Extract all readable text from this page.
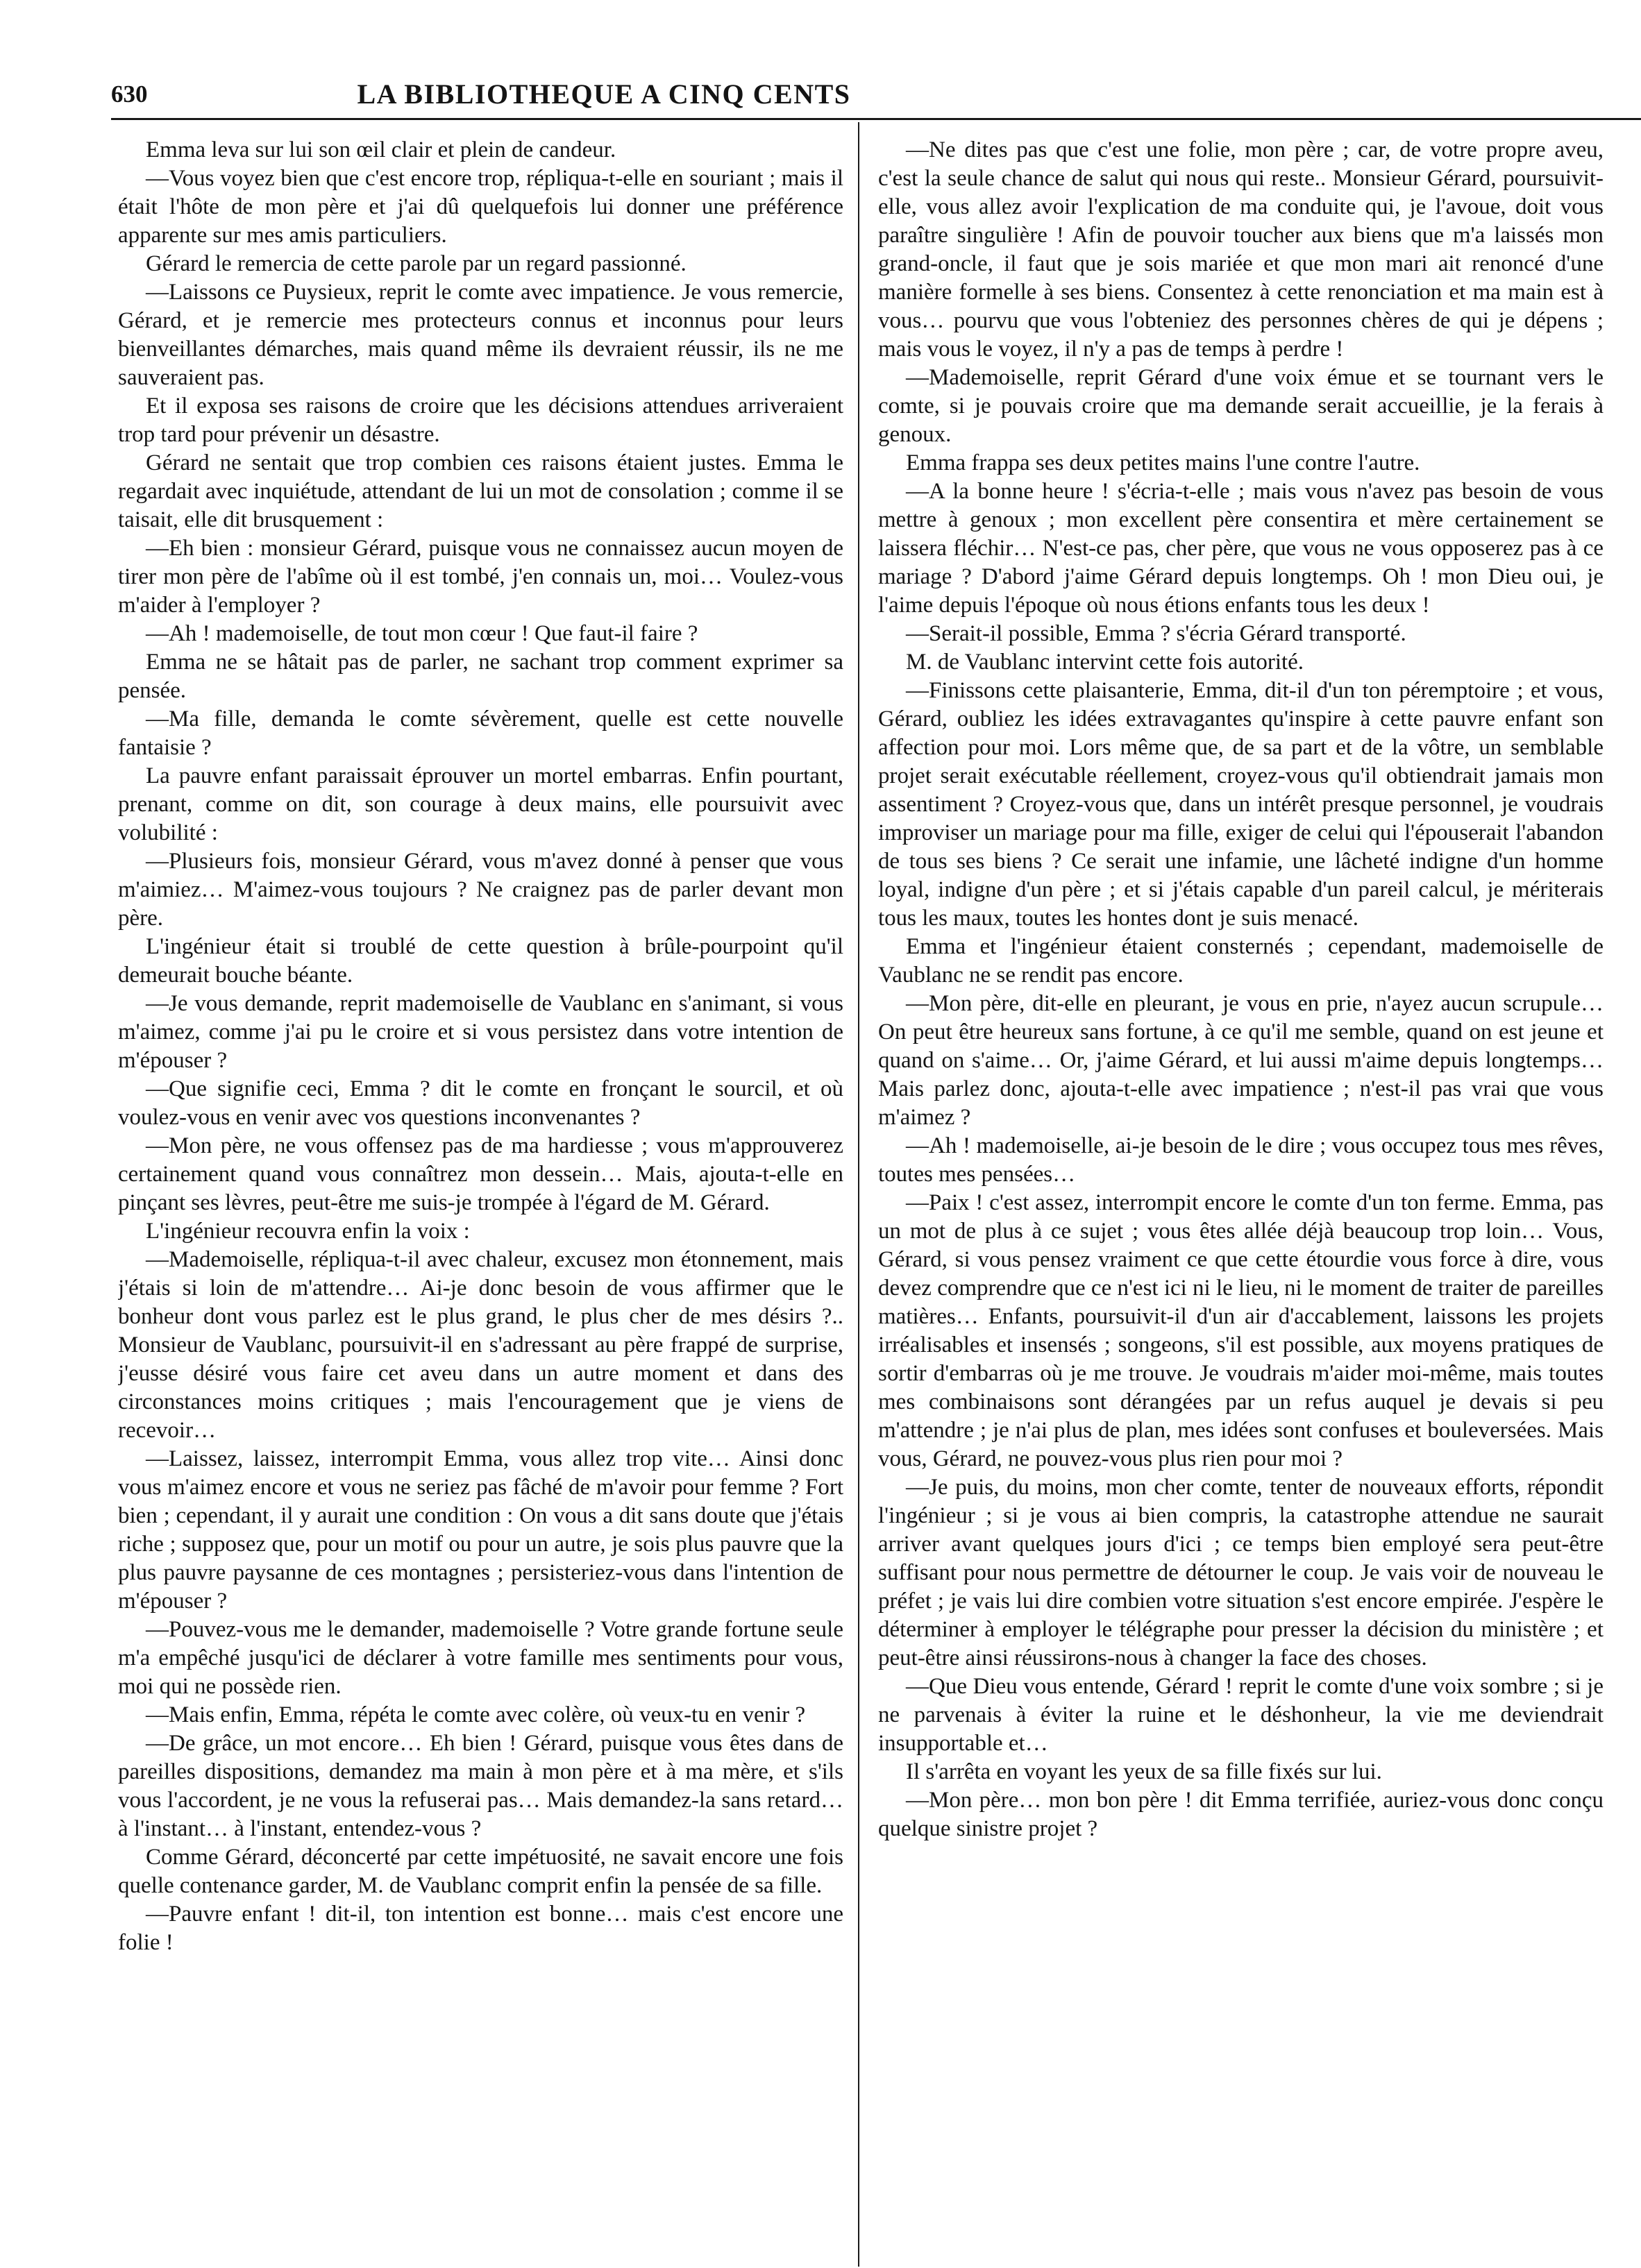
630	LA BIBLIOTHEQUE A CINQ CENTS

Emma leva sur lui son œil clair et plein de candeur.

—Vous voyez bien que c'est encore trop, répliqua-t-elle en souriant ; mais il était l'hôte de mon père et j'ai dû quelquefois lui donner une préférence apparente sur mes amis particuliers.

Gérard le remercia de cette parole par un regard passionné.

—Laissons ce Puysieux, reprit le comte avec impatience. Je vous remercie, Gérard, et je remercie mes protecteurs connus et inconnus pour leurs bienveillantes démarches, mais quand même ils devraient réussir, ils ne me sauveraient pas.

Et il exposa ses raisons de croire que les décisions attendues arriveraient trop tard pour prévenir un désastre.

Gérard ne sentait que trop combien ces raisons étaient justes. Emma le regardait avec inquiétude, attendant de lui un mot de consolation ; comme il se taisait, elle dit brusquement :

—Eh bien : monsieur Gérard, puisque vous ne connaissez aucun moyen de tirer mon père de l'abîme où il est tombé, j'en connais un, moi… Voulez-vous m'aider à l'employer ?

—Ah ! mademoiselle, de tout mon cœur ! Que faut-il faire ?

Emma ne se hâtait pas de parler, ne sachant trop comment exprimer sa pensée.

—Ma fille, demanda le comte sévèrement, quelle est cette nouvelle fantaisie ?

La pauvre enfant paraissait éprouver un mortel embarras. Enfin pourtant, prenant, comme on dit, son courage à deux mains, elle poursuivit avec volubilité :

—Plusieurs fois, monsieur Gérard, vous m'avez donné à penser que vous m'aimiez… M'aimez-vous toujours ? Ne craignez pas de parler devant mon père.

L'ingénieur était si troublé de cette question à brûle-pourpoint qu'il demeurait bouche béante.

—Je vous demande, reprit mademoiselle de Vaublanc en s'animant, si vous m'aimez, comme j'ai pu le croire et si vous persistez dans votre intention de m'épouser ?

—Que signifie ceci, Emma ? dit le comte en fronçant le sourcil, et où voulez-vous en venir avec vos questions inconvenantes ?

—Mon père, ne vous offensez pas de ma hardiesse ; vous m'approuverez certainement quand vous connaîtrez mon dessein… Mais, ajouta-t-elle en pinçant ses lèvres, peut-être me suis-je trompée à l'égard de M. Gérard.

L'ingénieur recouvra enfin la voix :

—Mademoiselle, répliqua-t-il avec chaleur, excusez mon étonnement, mais j'étais si loin de m'attendre… Ai-je donc besoin de vous affirmer que le bonheur dont vous parlez est le plus grand, le plus cher de mes désirs ?.. Monsieur de Vaublanc, poursuivit-il en s'adressant au père frappé de surprise, j'eusse désiré vous faire cet aveu dans un autre moment et dans des circonstances moins critiques ; mais l'encouragement que je viens de recevoir…

—Laissez, laissez, interrompit Emma, vous allez trop vite… Ainsi donc vous m'aimez encore et vous ne seriez pas fâché de m'avoir pour femme ? Fort bien ; cependant, il y aurait une condition : On vous a dit sans doute que j'étais riche ; supposez que, pour un motif ou pour un autre, je sois plus pauvre que la plus pauvre paysanne de ces montagnes ; persisteriez-vous dans l'intention de m'épouser ?

—Pouvez-vous me le demander, mademoiselle ? Votre grande fortune seule m'a empêché jusqu'ici de déclarer à votre famille mes sentiments pour vous, moi qui ne possède rien.

—Mais enfin, Emma, répéta le comte avec colère, où veux-tu en venir ?

—De grâce, un mot encore… Eh bien ! Gérard, puisque vous êtes dans de pareilles dispositions, demandez ma main à mon père et à ma mère, et s'ils vous l'accordent, je ne vous la refuserai pas… Mais demandez-la sans retard… à l'instant… à l'instant, entendez-vous ?

Comme Gérard, déconcerté par cette impétuosité, ne savait encore une fois quelle contenance garder, M. de Vaublanc comprit enfin la pensée de sa fille.

—Pauvre enfant ! dit-il, ton intention est bonne… mais c'est encore une folie !

—Ne dites pas que c'est une folie, mon père ; car, de votre propre aveu, c'est la seule chance de salut qui nous qui reste.. Monsieur Gérard, poursuivit-elle, vous allez avoir l'explication de ma conduite qui, je l'avoue, doit vous paraître singulière ! Afin de pouvoir toucher aux biens que m'a laissés mon grand-oncle, il faut que je sois mariée et que mon mari ait renoncé d'une manière formelle à ses biens. Consentez à cette renonciation et ma main est à vous… pourvu que vous l'obteniez des personnes chères de qui je dépens ; mais vous le voyez, il n'y a pas de temps à perdre !

—Mademoiselle, reprit Gérard d'une voix émue et se tournant vers le comte, si je pouvais croire que ma demande serait accueillie, je la ferais à genoux.

Emma frappa ses deux petites mains l'une contre l'autre.

—A la bonne heure ! s'écria-t-elle ; mais vous n'avez pas besoin de vous mettre à genoux ; mon excellent père consentira et mère certainement se laissera fléchir… N'est-ce pas, cher père, que vous ne vous opposerez pas à ce mariage ? D'abord j'aime Gérard depuis longtemps. Oh ! mon Dieu oui, je l'aime depuis l'époque où nous étions enfants tous les deux !

—Serait-il possible, Emma ? s'écria Gérard transporté.

M. de Vaublanc intervint cette fois autorité.

—Finissons cette plaisanterie, Emma, dit-il d'un ton péremptoire ; et vous, Gérard, oubliez les idées extravagantes qu'inspire à cette pauvre enfant son affection pour moi. Lors même que, de sa part et de la vôtre, un semblable projet serait exécutable réellement, croyez-vous qu'il obtiendrait jamais mon assentiment ? Croyez-vous que, dans un intérêt presque personnel, je voudrais improviser un mariage pour ma fille, exiger de celui qui l'épouserait l'abandon de tous ses biens ? Ce serait une infamie, une lâcheté indigne d'un homme loyal, indigne d'un père ; et si j'étais capable d'un pareil calcul, je mériterais tous les maux, toutes les hontes dont je suis menacé.

Emma et l'ingénieur étaient consternés ; cependant, mademoiselle de Vaublanc ne se rendit pas encore.

—Mon père, dit-elle en pleurant, je vous en prie, n'ayez aucun scrupule… On peut être heureux sans fortune, à ce qu'il me semble, quand on est jeune et quand on s'aime… Or, j'aime Gérard, et lui aussi m'aime depuis longtemps… Mais parlez donc, ajouta-t-elle avec impatience ; n'est-il pas vrai que vous m'aimez ?

—Ah ! mademoiselle, ai-je besoin de le dire ; vous occupez tous mes rêves, toutes mes pensées…

—Paix ! c'est assez, interrompit encore le comte d'un ton ferme. Emma, pas un mot de plus à ce sujet ; vous êtes allée déjà beaucoup trop loin… Vous, Gérard, si vous pensez vraiment ce que cette étourdie vous force à dire, vous devez comprendre que ce n'est ici ni le lieu, ni le moment de traiter de pareilles matières… Enfants, poursuivit-il d'un air d'accablement, laissons les projets irréalisables et insensés ; songeons, s'il est possible, aux moyens pratiques de sortir d'embarras où je me trouve. Je voudrais m'aider moi-même, mais toutes mes combinaisons sont dérangées par un refus auquel je devais si peu m'attendre ; je n'ai plus de plan, mes idées sont confuses et bouleversées. Mais vous, Gérard, ne pouvez-vous plus rien pour moi ?

—Je puis, du moins, mon cher comte, tenter de nouveaux efforts, répondit l'ingénieur ; si je vous ai bien compris, la catastrophe attendue ne saurait arriver avant quelques jours d'ici ; ce temps bien employé sera peut-être suffisant pour nous permettre de détourner le coup. Je vais voir de nouveau le préfet ; je vais lui dire combien votre situation s'est encore empirée. J'espère le déterminer à employer le télégraphe pour presser la décision du ministère ; et peut-être ainsi réussirons-nous à changer la face des choses.

—Que Dieu vous entende, Gérard ! reprit le comte d'une voix sombre ; si je ne parvenais à éviter la ruine et le déshonheur, la vie me deviendrait insupportable et…

Il s'arrêta en voyant les yeux de sa fille fixés sur lui.

—Mon père… mon bon père ! dit Emma terrifiée, auriez-vous donc conçu quelque sinistre projet ?
